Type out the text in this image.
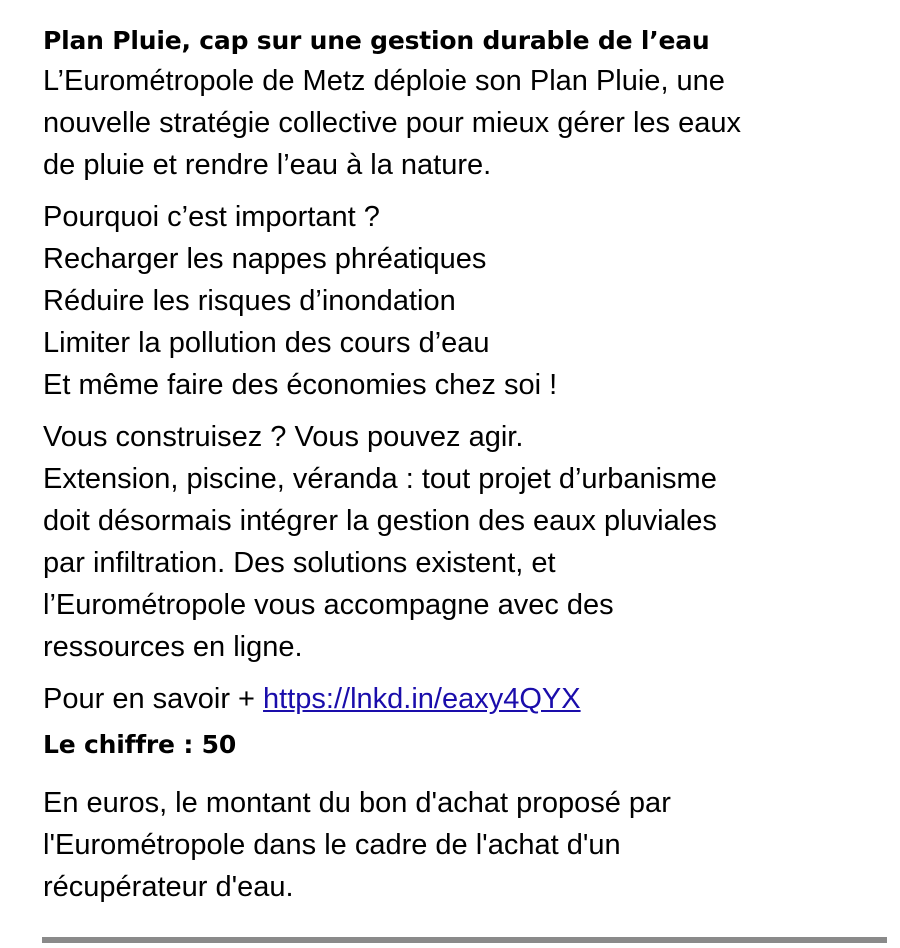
Plan Pluie, cap sur une gestion durable de l’eau

L’Eurométropole de Metz déploie son Plan Pluie, une
nouvelle stratégie collective pour mieux gérer les eaux
de pluie et rendre l’eau à la nature.

Pourquoi c’est important ?
Recharger les nappes phréatiques
Réduire les risques d’inondation
Limiter la pollution des cours d’eau
Et même faire des économies chez soi !

Vous construisez ? Vous pouvez agir.
Extension, piscine, véranda : tout projet d’urbanisme
doit désormais intégrer la gestion des eaux pluviales
par infiltration. Des solutions existent, et
l’Eurométropole vous accompagne avec des
ressources en ligne.

Pour en savoir + https://lnkd.in/eaxy4QYX

Le chiffre : 50

En euros, le montant du bon d'achat proposé par
l'Eurométropole dans le cadre de l'achat d'un
récupérateur d'eau.
